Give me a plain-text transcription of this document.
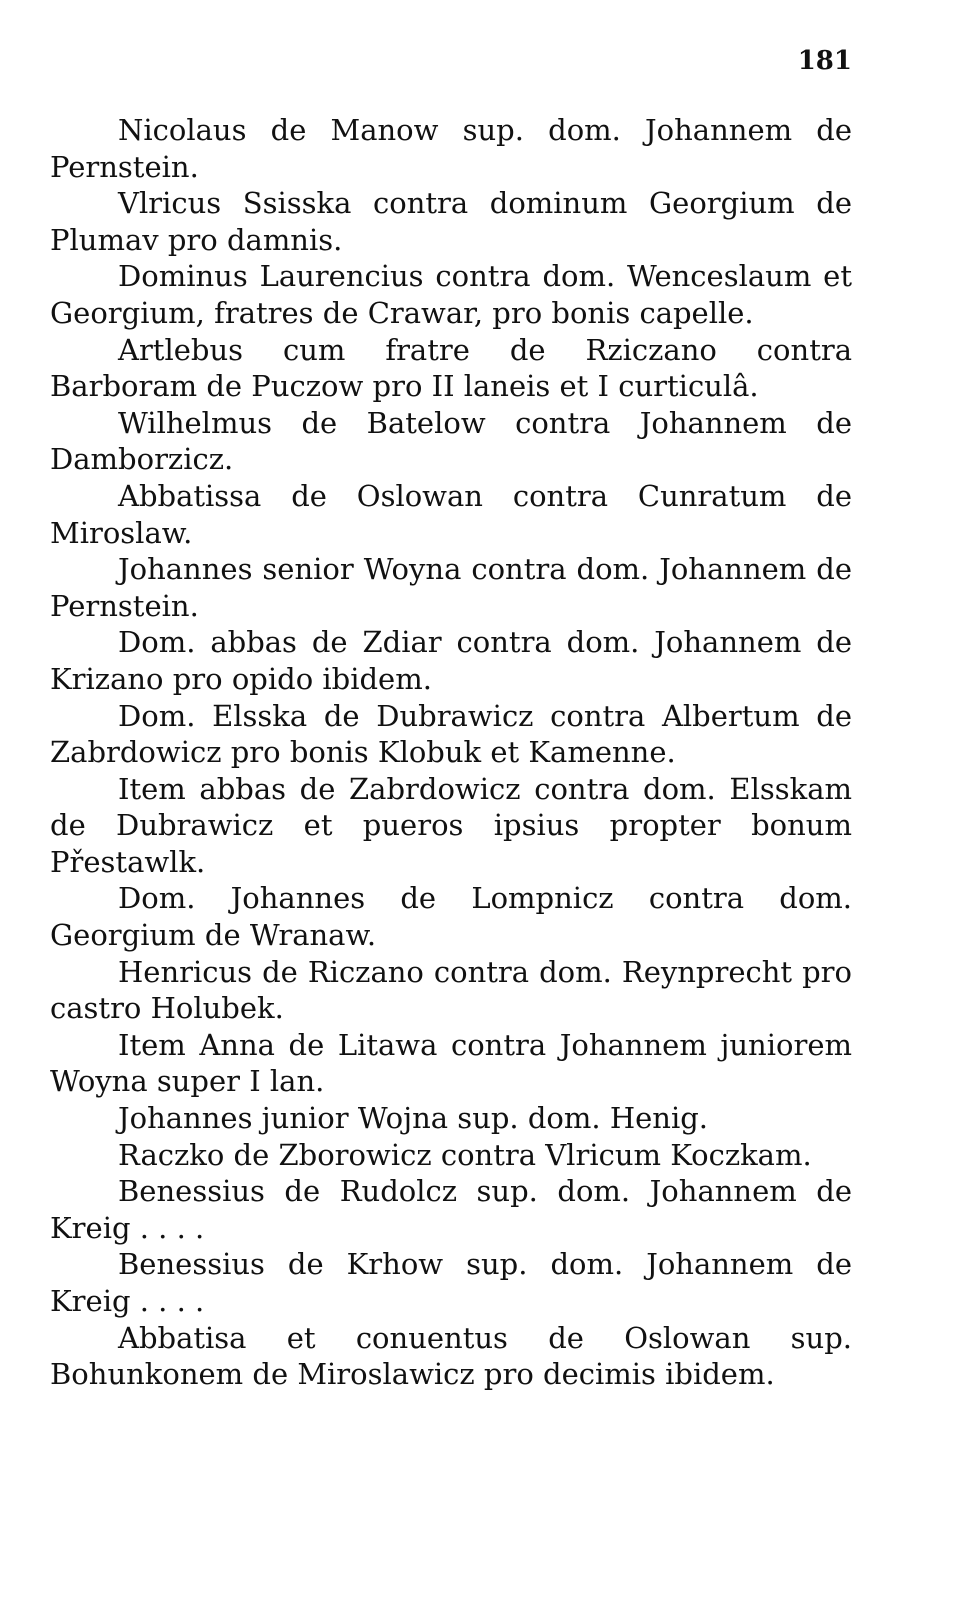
181

Nicolaus de Manow sup. dom. Johannem de Pernstein.

Vlricus Ssisska contra dominum Georgium de Plumav pro damnis.

Dominus Laurencius contra dom. Wenceslaum et Georgium, fratres de Crawar, pro bonis capelle.

Artlebus cum fratre de Rziczano contra Barboram de Puczow pro II laneis et I curticulâ.

Wilhelmus de Batelow contra Johannem de Damborzicz.

Abbatissa de Oslowan contra Cunratum de Miroslaw.

Johannes senior Woyna contra dom. Johannem de Pernstein.

Dom. abbas de Zdiar contra dom. Johannem de Krizano pro opido ibidem.

Dom. Elsska de Dubrawicz contra Albertum de Zabrdowicz pro bonis Klobuk et Kamenne.

Item abbas de Zabrdowicz contra dom. Elsskam de Dubrawicz et pueros ipsius propter bonum Přestawlk.

Dom. Johannes de Lompnicz contra dom. Georgium de Wranaw.

Henricus de Riczano contra dom. Reynprecht pro castro Holubek.

Item Anna de Litawa contra Johannem juniorem Woyna super I lan.

Johannes junior Wojna sup. dom. Henig.

Raczko de Zborowicz contra Vlricum Koczkam.

Benessius de Rudolcz sup. dom. Johannem de Kreig . . . .

Benessius de Krhow sup. dom. Johannem de Kreig . . . .

Abbatisa et conuentus de Oslowan sup. Bohunkonem de Miroslawicz pro decimis ibidem.
